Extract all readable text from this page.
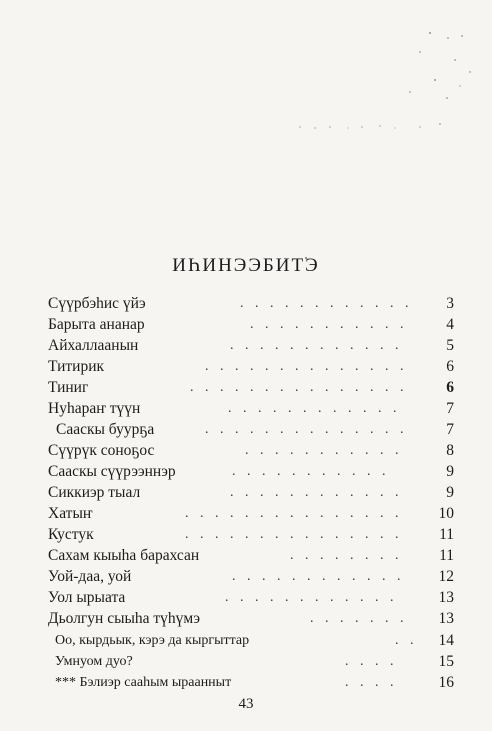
ИҺИНЭЭБИТЭ
Сүүрбэһис үйэ	. . . . . . . . . . . .	3
Барыта ананар	. . . . . . . . . . .	4
Айхаллаанын	. . . . . . . . . . . .	5
Титирик	. . . . . . . . . . . . . .	6
Тиниг	. . . . . . . . . . . . . . .	6
Нуһараҥ түүн	. . . . . . . . . . . .	7
Сааскы буурҕа	. . . . . . . . . . . . . .	7
Сүүрүк соноҕос	. . . . . . . . . . .	8
Сааскы сүүрээннэр	. . . . . . . . . . .	9
Сиккиэр тыал	. . . . . . . . . . . .	9
Хатыҥ	. . . . . . . . . . . . . . .	10
Кустук	. . . . . . . . . . . . . . .	11
Сахам кыыһа барахсан	. . . . . . . .	11
Уой-даа, уой	. . . . . . . . . . . .	12
Уол ырыата	. . . . . . . . . . . .	13
Дьолгун сыыһа түһүмэ	. . . . . . .	13
Оо, кырдьык, кэрэ да кыргыттар	. .	14
Умнуом дуо?	. . . .	15
*** Бэлиэр сааһым ыраанныт	. . . .	16
43
